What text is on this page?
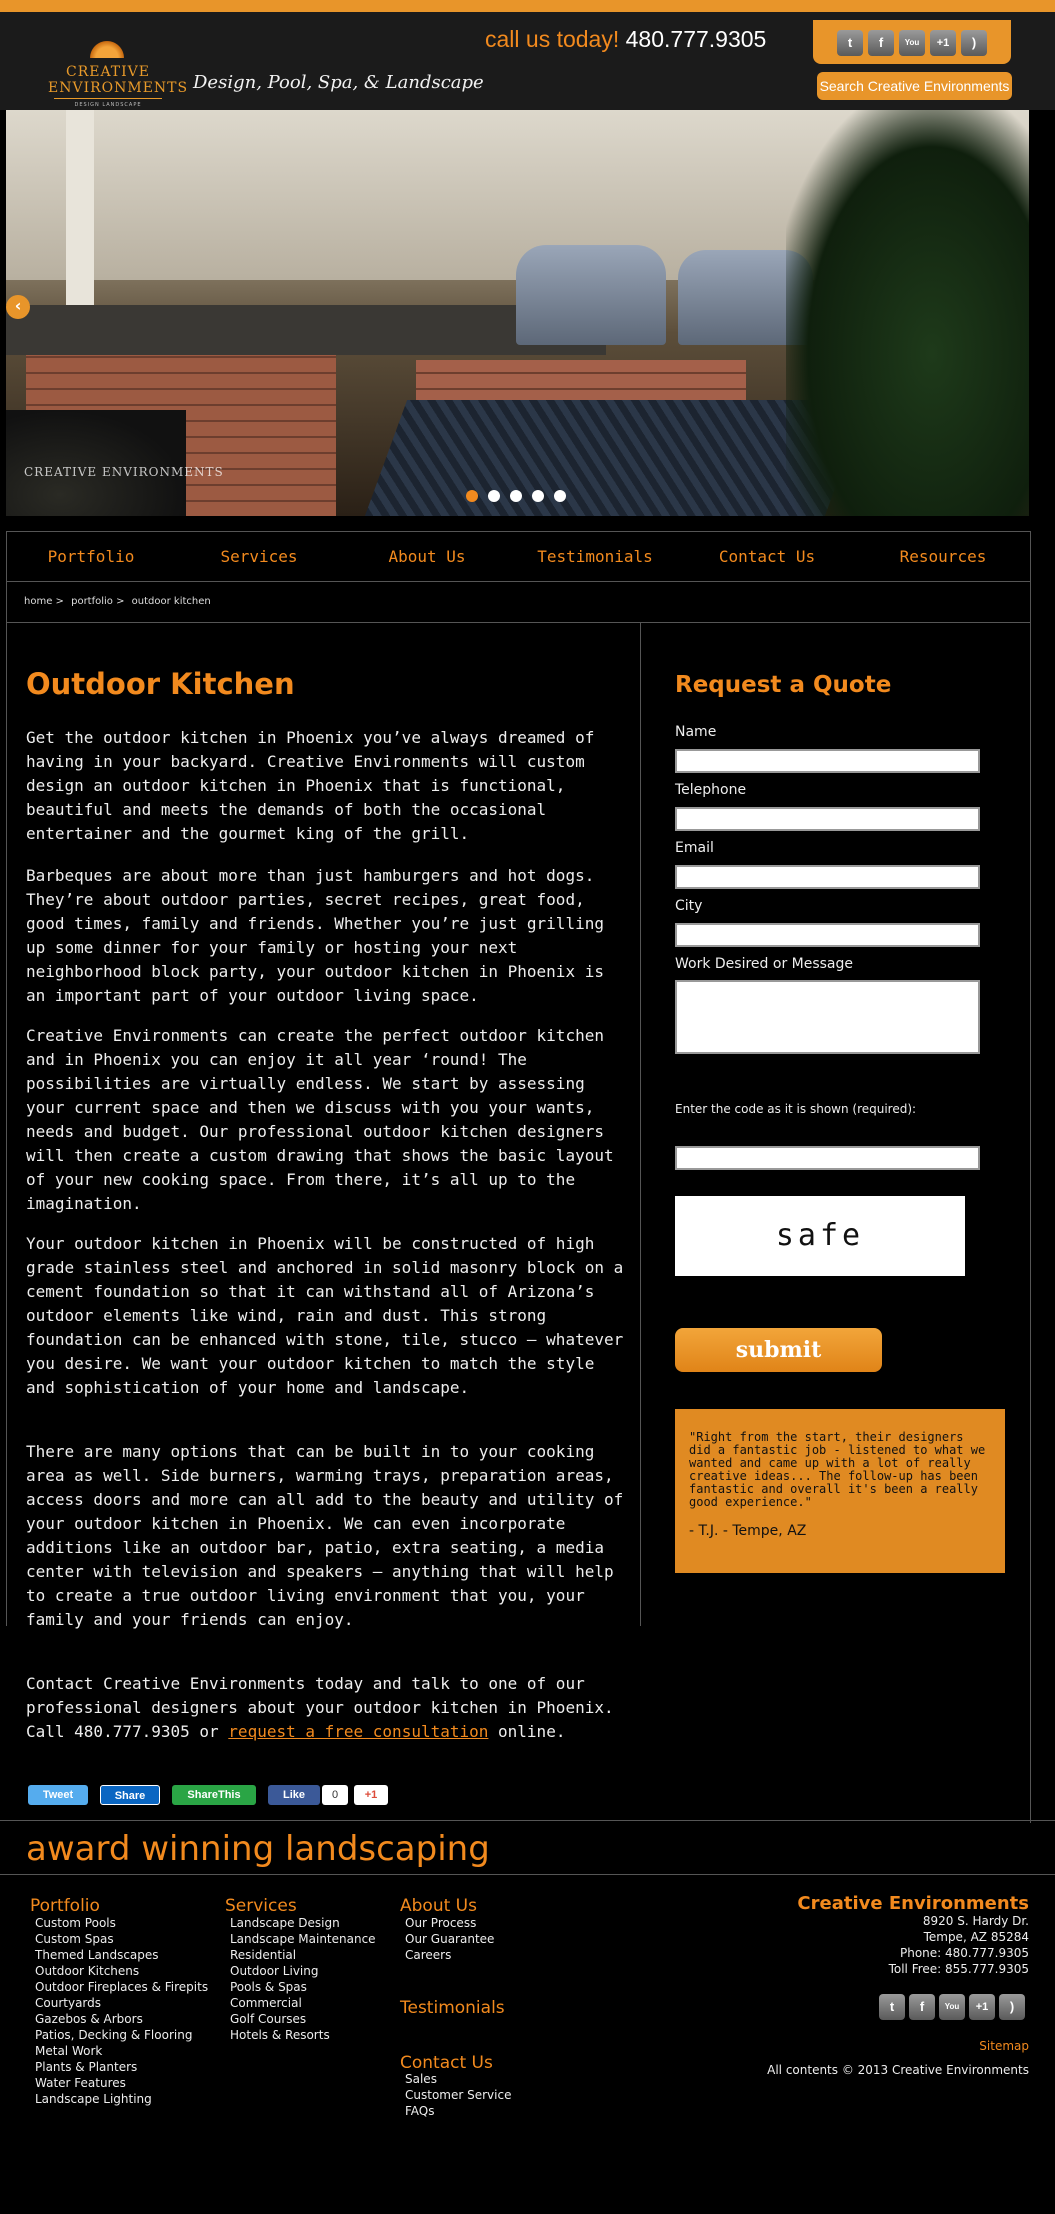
CREATIVE
ENVIRONMENTS
DESIGN LANDSCAPE
Design, Pool, Spa, & Landscape
call us today! 480.777.9305	t	f	You	+1	)
Search Creative Environments
CREATIVE ENVIRONMENTS
‹
Portfolio	Services	About Us	Testimonials	Contact Us	Resources
home > portfolio > outdoor kitchen
Outdoor Kitchen

Get the outdoor kitchen in Phoenix you’ve always dreamed of having in your backyard. Creative Environments will custom design an outdoor kitchen in Phoenix that is functional, beautiful and meets the demands of both the occasional entertainer and the gourmet king of the grill.

Barbeques are about more than just hamburgers and hot dogs. They’re about outdoor parties, secret recipes, great food, good times, family and friends. Whether you’re just grilling up some dinner for your family or hosting your next neighborhood block party, your outdoor kitchen in Phoenix is an important part of your outdoor living space.

Creative Environments can create the perfect outdoor kitchen and in Phoenix you can enjoy it all year ‘round! The possibilities are virtually endless. We start by assessing your current space and then we discuss with you your wants, needs and budget. Our professional outdoor kitchen designers will then create a custom drawing that shows the basic layout of your new cooking space. From there, it’s all up to the imagination.

Your outdoor kitchen in Phoenix will be constructed of high grade stainless steel and anchored in solid masonry block on a cement foundation so that it can withstand all of Arizona’s outdoor elements like wind, rain and dust. This strong foundation can be enhanced with stone, tile, stucco — whatever you desire. We want your outdoor kitchen to match the style and sophistication of your home and landscape.

There are many options that can be built in to your cooking area as well. Side burners, warming trays, preparation areas, access doors and more can all add to the beauty and utility of your outdoor kitchen in Phoenix. We can even incorporate additions like an outdoor bar, patio, extra seating, a media center with television and speakers — anything that will help to create a true outdoor living environment that you, your family and your friends can enjoy.

Contact Creative Environments today and talk to one of our professional designers about your outdoor kitchen in Phoenix. Call 480.777.9305 or request a free consultation online.

Tweet	Share	ShareThis	Like	0	+1
Request a Quote
Name
Telephone
Email
City
Work Desired or Message
Enter the code as it is shown (required):
safe
submit
"Right from the start, their designers did a fantastic job - listened to what we wanted and came up with a lot of really creative ideas... The follow-up has been fantastic and overall it's been a really good experience."
- T.J. - Tempe, AZ
award winning landscaping
Portfolio
Custom Pools
Custom Spas
Themed Landscapes
Outdoor Kitchens
Outdoor Fireplaces & Firepits
Courtyards
Gazebos & Arbors
Patios, Decking & Flooring
Metal Work
Plants & Planters
Water Features
Landscape Lighting
Services
Landscape Design
Landscape Maintenance
Residential
Outdoor Living
Pools & Spas
Commercial
Golf Courses
Hotels & Resorts
About Us
Our Process
Our Guarantee
Careers
Testimonials
Contact Us
Sales
Customer Service
FAQs
Creative Environments
8920 S. Hardy Dr.
Tempe, AZ 85284
Phone: 480.777.9305
Toll Free: 855.777.9305
t	f	You	+1	)
Sitemap
All contents © 2013 Creative Environments
